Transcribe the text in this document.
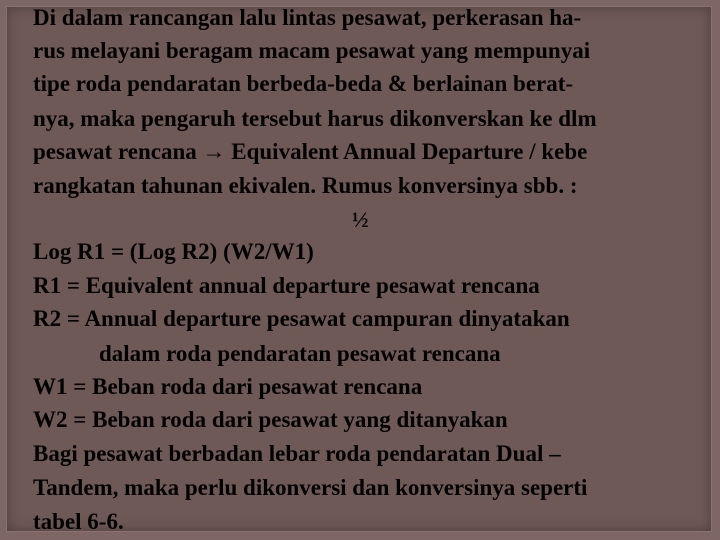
Di dalam rancangan lalu lintas pesawat, perkerasan ha-

rus melayani beragam macam pesawat yang mempunyai

tipe roda pendaratan berbeda-beda & berlainan berat-

nya, maka pengaruh tersebut harus dikonverskan ke dlm

pesawat rencana → Equivalent Annual Departure / kebe

rangkatan tahunan ekivalen. Rumus konversinya sbb. :

½

Log R1 = (Log R2) (W2/W1)

R1 = Equivalent annual departure pesawat rencana

R2 = Annual departure pesawat campuran dinyatakan

dalam roda pendaratan pesawat rencana

W1 = Beban roda dari pesawat rencana

W2 = Beban roda dari pesawat yang ditanyakan

Bagi pesawat berbadan lebar roda pendaratan Dual –

Tandem, maka perlu dikonversi dan konversinya seperti

tabel 6-6.
